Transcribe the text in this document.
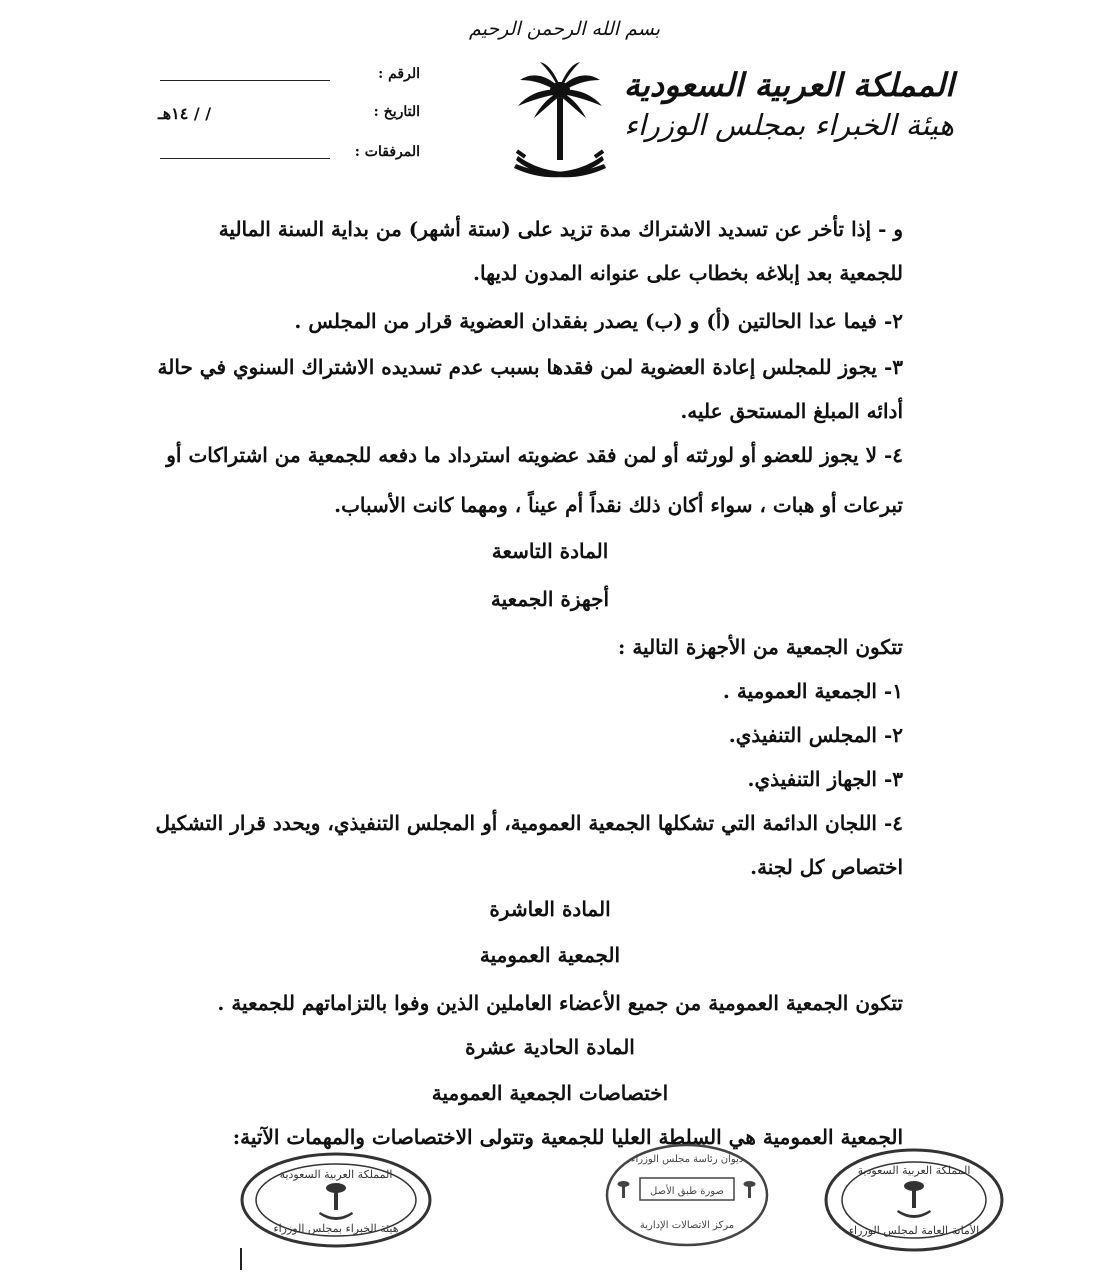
بسم الله الرحمن الرحيم
المملكة العربية السعودية
هيئة الخبراء بمجلس الوزراء
الرقم :
التاريخ :
/ / ١٤هـ
المرفقات :
و - إذا تأخر عن تسديد الاشتراك مدة تزيد على (ستة أشهر) من بداية السنة المالية
للجمعية بعد إبلاغه بخطاب على عنوانه المدون لديها.
٢- فيما عدا الحالتين (أ) و (ب) يصدر بفقدان العضوية قرار من المجلس .
٣- يجوز للمجلس إعادة العضوية لمن فقدها بسبب عدم تسديده الاشتراك السنوي في حالة
أدائه المبلغ المستحق عليه.
٤- لا يجوز للعضو أو لورثته أو لمن فقد عضويته استرداد ما دفعه للجمعية من اشتراكات أو
تبرعات أو هبات ، سواء أكان ذلك نقداً أم عيناً ، ومهما كانت الأسباب.
المادة التاسعة
أجهزة الجمعية
تتكون الجمعية من الأجهزة التالية :
١- الجمعية العمومية .
٢- المجلس التنفيذي.
٣- الجهاز التنفيذي.
٤- اللجان الدائمة التي تشكلها الجمعية العمومية، أو المجلس التنفيذي، ويحدد قرار التشكيل
اختصاص كل لجنة.
المادة العاشرة
الجمعية العمومية
تتكون الجمعية العمومية من جميع الأعضاء العاملين الذين وفوا بالتزاماتهم للجمعية .
المادة الحادية عشرة
اختصاصات الجمعية العمومية
الجمعية العمومية هي السلطة العليا للجمعية وتتولى الاختصاصات والمهمات الآتية:
المملكة العربية السعودية
هيئة الخبراء بمجلس الوزراء
ديوان رئاسة مجلس الوزراء
صورة طبق الأصل
مركز الاتصالات الإدارية
المملكة العربية السعودية
الأمانة العامة لمجلس الوزراء
